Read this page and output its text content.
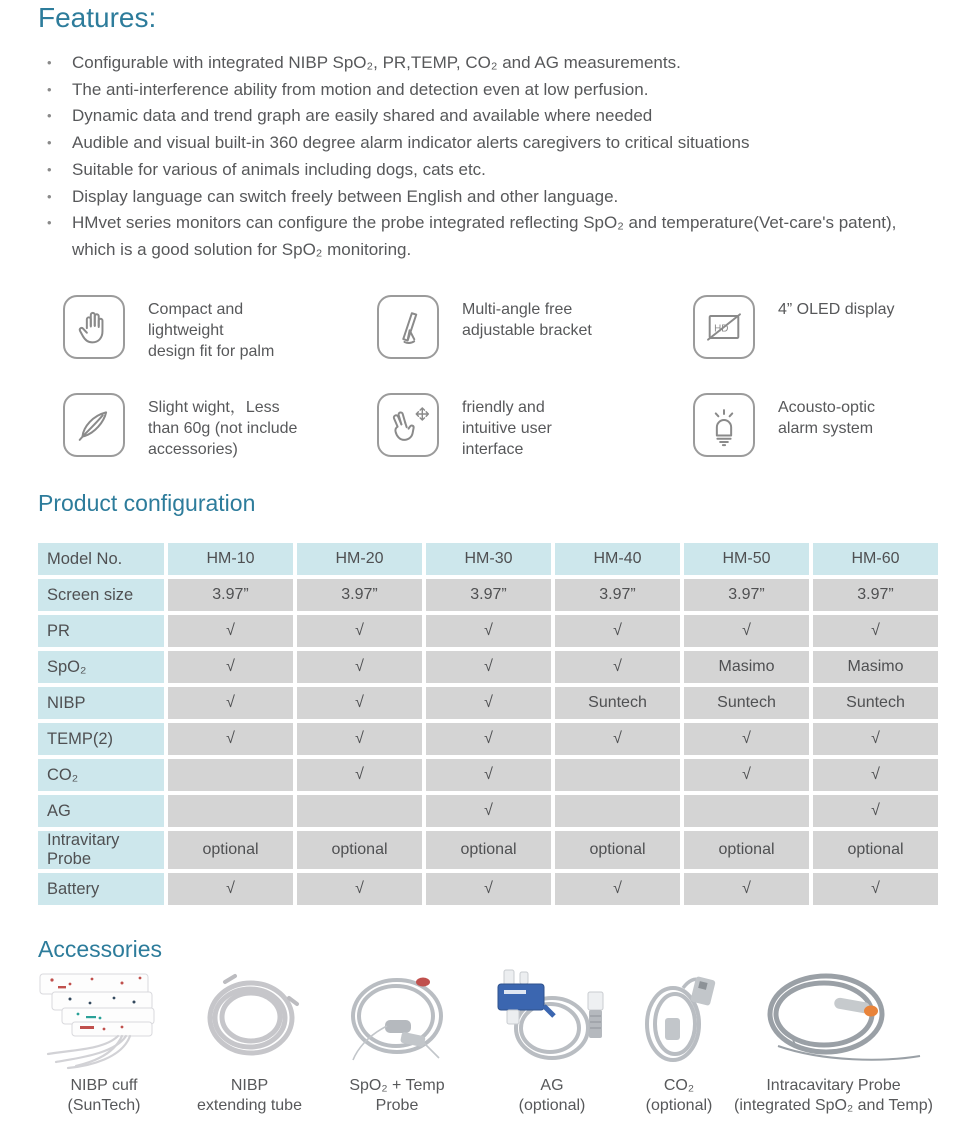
Features:
•	Configurable with integrated NIBP SpO₂, PR,TEMP, CO₂ and AG measurements.
•	The anti-interference ability from motion and detection even at low perfusion.
•	Dynamic data and trend graph are easily shared and available where needed
•	Audible and visual built-in 360 degree alarm indicator alerts caregivers to critical situations
•	Suitable for various of animals including dogs, cats etc.
•	Display language can switch freely between English and other language.
•	HMvet series monitors can configure the probe integrated reflecting SpO₂ and temperature(Vet-care's patent), which is a good solution for SpO₂ monitoring.
Compact and
lightweight
design fit for palm
Multi-angle free
adjustable bracket	HD
4” OLED display
Slight wight，Less
than 60g (not include
accessories)
friendly and
intuitive user
interface
Acousto-optic
alarm system
Product configuration
Model No.	HM-10	HM-20	HM-30	HM-40	HM-50	HM-60
Screen size	3.97”	3.97”	3.97”	3.97”	3.97”	3.97”
PR	√	√	√	√	√	√
SpO₂	√	√	√	√	Masimo	Masimo
NIBP	√	√	√	Suntech	Suntech	Suntech
TEMP(2)	√	√	√	√	√	√
CO₂		√	√		√	√
AG			√			√
Intravitary Probe	optional	optional	optional	optional	optional	optional
Battery	√	√	√	√	√	√
Accessories
NIBP cuff
(SunTech)
NIBP
extending tube
SpO₂ + Temp
Probe
AG
(optional)
CO₂
(optional)
Intracavitary Probe
(integrated SpO₂ and Temp)
